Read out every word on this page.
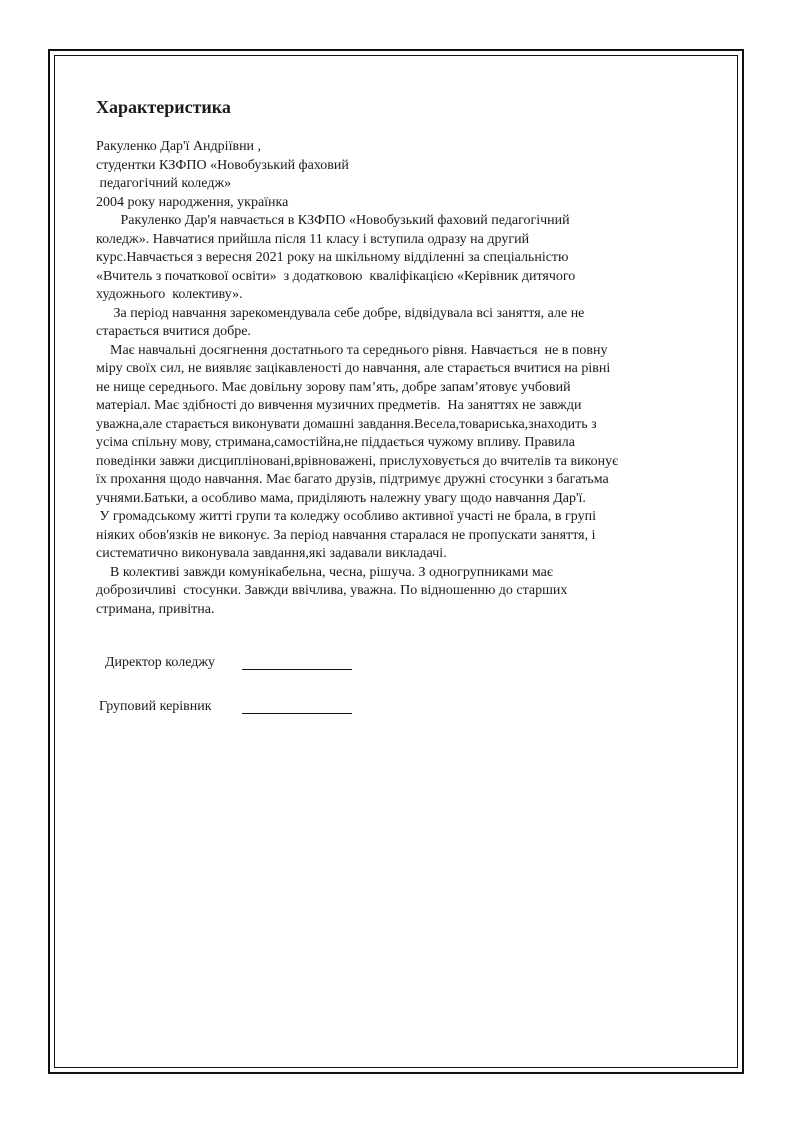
Характеристика

Ракуленко Дар'ї Андріївни ,

студентки КЗФПО «Новобузький фаховий

педагогічний коледж»

2004 року народження, українка

Ракуленко Дар'я навчається в КЗФПО «Новобузький фаховий педагогічний

коледж». Навчатися прийшла після 11 класу і вступила одразу на другий

курс.Навчається з вересня 2021 року на шкільному відділенні за спеціальністю

«Вчитель з початкової освіти»  з додатковою  кваліфікацією «Керівник дитячого

художнього  колективу».

За період навчання зарекомендувала себе добре, відвідувала всі заняття, але не

старається вчитися добре.

Має навчальні досягнення достатнього та середнього рівня. Навчається  не в повну

міру своїх сил, не виявляє зацікавленості до навчання, але старається вчитися на рівні

не нище середнього. Має довільну зорову пам’ять, добре запам’ятовує учбовий

матеріал. Має здібності до вивчення музичних предметів.  На заняттях не завжди

уважна,але старається виконувати домашні завдання.Весела,товариська,знаходить з

усіма спільну мову, стримана,самостійна,не піддається чужому впливу. Правила

поведінки завжи дисципліновані,врівноважені, прислуховується до вчителів та виконує

їх прохання щодо навчання. Має багато друзів, підтримує дружні стосунки з багатьма

учнями.Батьки, а особливо мама, приділяють належну увагу щодо навчання Дар'ї.

У громадському житті групи та коледжу особливо активної участі не брала, в групі

ніяких обов'язків не виконує. За період навчання старалася не пропускати заняття, і

систематично виконувала завдання,які задавали викладачі.

В колективі завжди комунікабельна, чесна, рішуча. З одногрупниками має

доброзичливі  стосунки. Завжди ввічлива, уважна. По відношенню до старших

стримана, привітна.

Директор коледжу
Груповий керівник
